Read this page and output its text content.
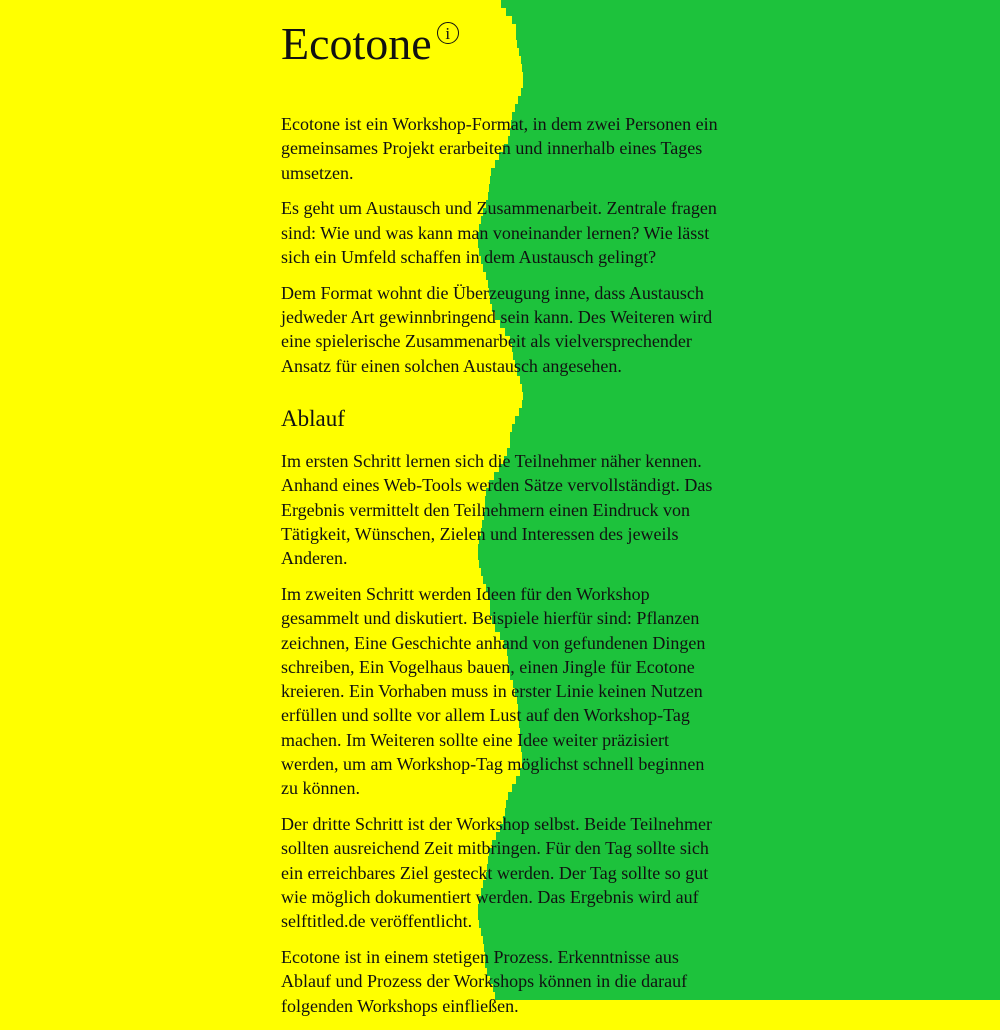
Ecotone i

Ecotone ist ein Workshop-Format, in dem zwei Personen ein gemeinsames Projekt erarbeiten und innerhalb eines Tages umsetzen.

Es geht um Austausch und Zusammenarbeit. Zentrale fragen sind: Wie und was kann man voneinander lernen? Wie lässt sich ein Umfeld schaffen in dem Austausch gelingt?

Dem Format wohnt die Überzeugung inne, dass Austausch jedweder Art gewinnbringend sein kann. Des Weiteren wird eine spielerische Zusammenarbeit als vielversprechender Ansatz für einen solchen Austausch angesehen.

Ablauf

Im ersten Schritt lernen sich die Teilnehmer näher kennen. Anhand eines Web-Tools werden Sätze vervollständigt. Das Ergebnis vermittelt den Teilnehmern einen Eindruck von Tätigkeit, Wünschen, Zielen und Interessen des jeweils Anderen.

Im zweiten Schritt werden Ideen für den Workshop gesammelt und diskutiert. Beispiele hierfür sind: Pflanzen zeichnen, Eine Geschichte anhand von gefundenen Dingen schreiben, Ein Vogelhaus bauen, einen Jingle für Ecotone kreieren. Ein Vorhaben muss in erster Linie keinen Nutzen erfüllen und sollte vor allem Lust auf den Workshop-Tag machen. Im Weiteren sollte eine Idee weiter präzisiert werden, um am Workshop-Tag möglichst schnell beginnen zu können.

Der dritte Schritt ist der Workshop selbst. Beide Teilnehmer sollten ausreichend Zeit mitbringen. Für den Tag sollte sich ein erreichbares Ziel gesteckt werden. Der Tag sollte so gut wie möglich dokumentiert werden. Das Ergebnis wird auf selftitled.de veröffentlicht.

Ecotone ist in einem stetigen Prozess. Erkenntnisse aus Ablauf und Prozess der Workshops können in die darauf folgenden Workshops einfließen.
